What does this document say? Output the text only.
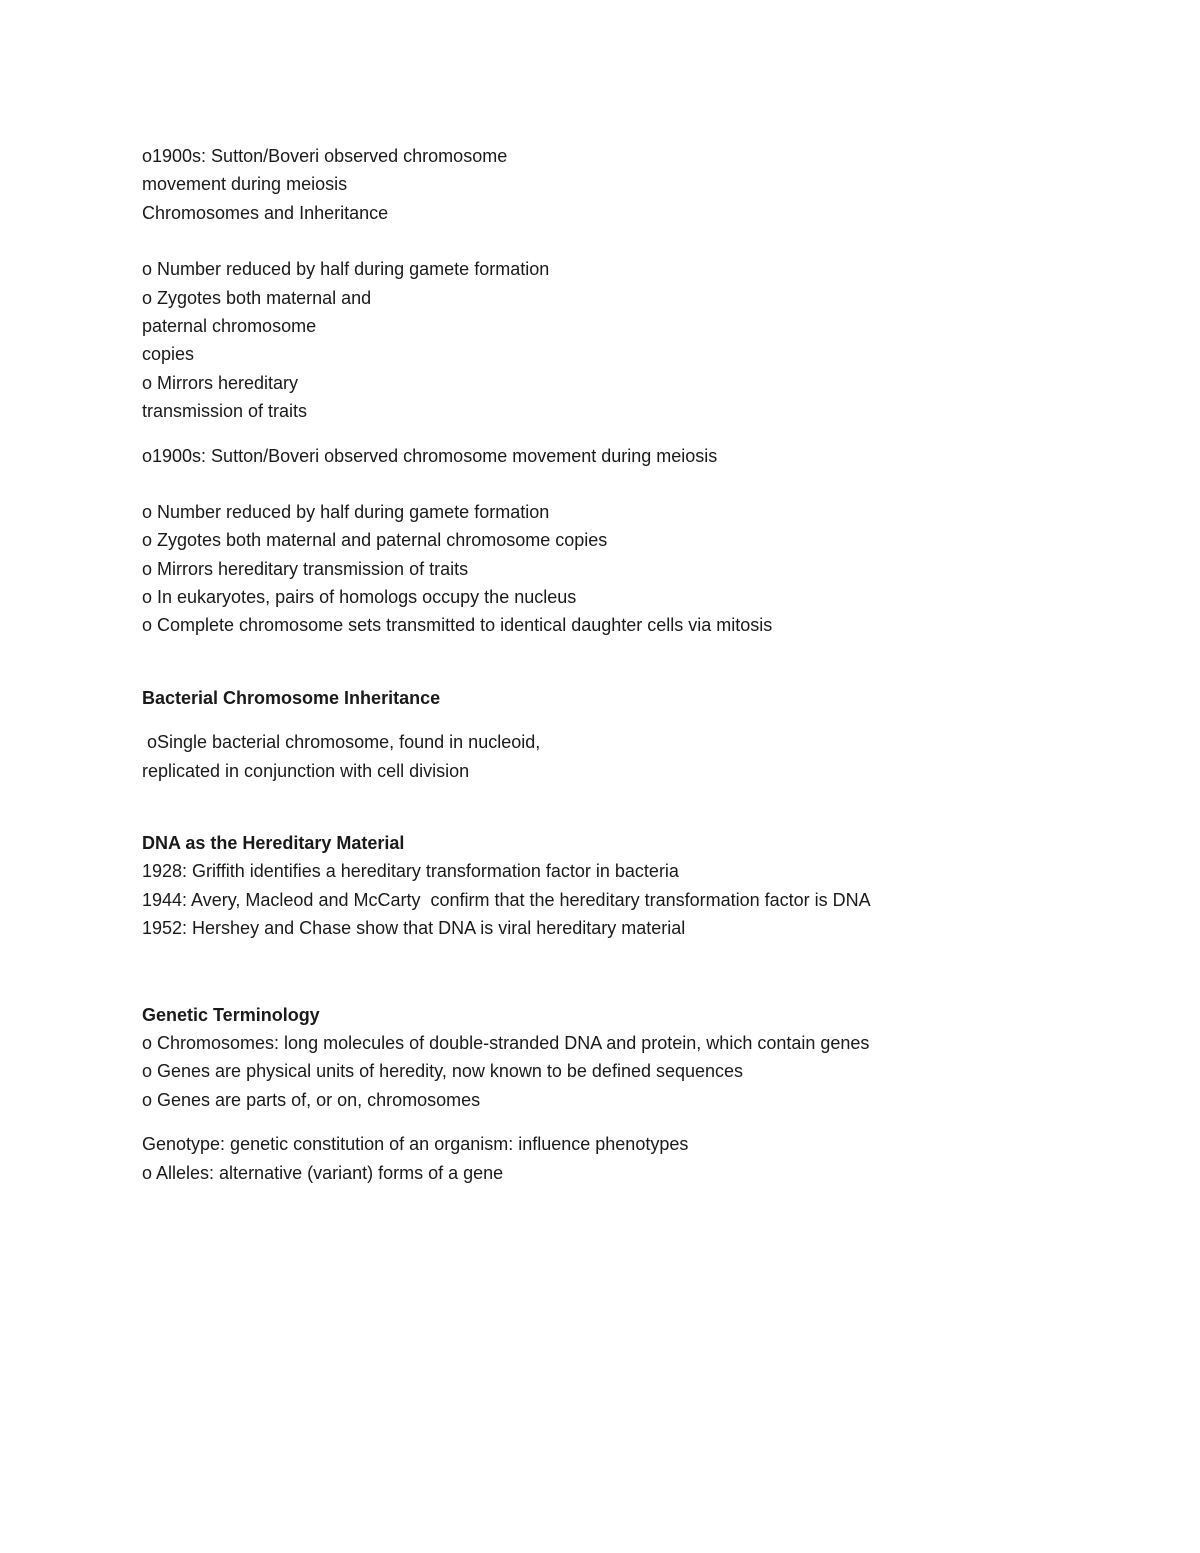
o1900s: Sutton/Boveri observed chromosome
movement during meiosis
Chromosomes and Inheritance
o Number reduced by half during gamete formation
o Zygotes both maternal and
paternal chromosome
copies
o Mirrors hereditary
transmission of traits
o1900s: Sutton/Boveri observed chromosome movement during meiosis
o Number reduced by half during gamete formation
o Zygotes both maternal and paternal chromosome copies
o Mirrors hereditary transmission of traits
o In eukaryotes, pairs of homologs occupy the nucleus
o Complete chromosome sets transmitted to identical daughter cells via mitosis
Bacterial Chromosome Inheritance
oSingle bacterial chromosome, found in nucleoid,
replicated in conjunction with cell division
DNA as the Hereditary Material
1928: Griffith identifies a hereditary transformation factor in bacteria
1944: Avery, Macleod and McCarty  confirm that the hereditary transformation factor is DNA
1952: Hershey and Chase show that DNA is viral hereditary material
Genetic Terminology
o Chromosomes: long molecules of double-stranded DNA and protein, which contain genes
o Genes are physical units of heredity, now known to be defined sequences
o Genes are parts of, or on, chromosomes
Genotype: genetic constitution of an organism: influence phenotypes
o Alleles: alternative (variant) forms of a gene
